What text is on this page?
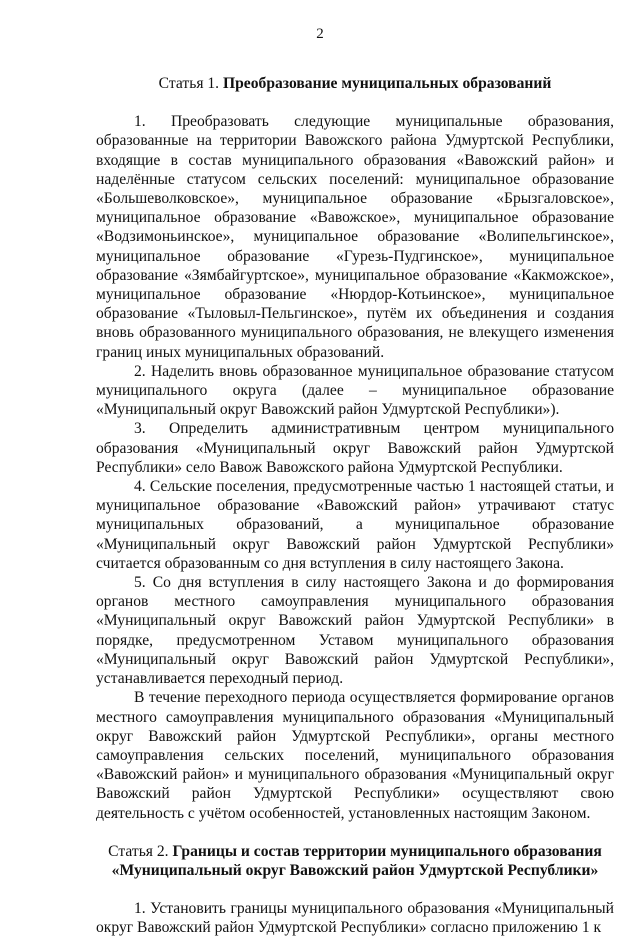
2

Статья 1. Преобразование муниципальных образований

1. Преобразовать следующие муниципальные образования, образованные на территории Вавожского района Удмуртской Республики, входящие в состав муниципального образования «Вавожский район» и наделённые статусом сельских поселений: муниципальное образование «Большеволковское», муниципальное образование «Брызгаловское», муниципальное образование «Вавожское», муниципальное образование «Водзимоньинское», муниципальное образование «Волипельгинское», муниципальное образование «Гурезь-Пудгинское», муниципальное образование «Зямбайгуртское», муниципальное образование «Какможское», муниципальное образование «Нюрдор-Котьинское», муниципальное образование «Тыловыл-Пельгинское», путём их объединения и создания вновь образованного муниципального образования, не влекущего изменения границ иных муниципальных образований.

2. Наделить вновь образованное муниципальное образование статусом муниципального округа (далее – муниципальное образование «Муниципальный округ Вавожский район Удмуртской Республики»).

3. Определить административным центром муниципального образования «Муниципальный округ Вавожский район Удмуртской Республики» село Вавож Вавожского района Удмуртской Республики.

4. Сельские поселения, предусмотренные частью 1 настоящей статьи, и муниципальное образование «Вавожский район» утрачивают статус муниципальных образований, а муниципальное образование «Муниципальный округ Вавожский район Удмуртской Республики» считается образованным со дня вступления в силу настоящего Закона.

5. Со дня вступления в силу настоящего Закона и до формирования органов местного самоуправления муниципального образования «Муниципальный округ Вавожский район Удмуртской Республики» в порядке, предусмотренном Уставом муниципального образования «Муниципальный округ Вавожский район Удмуртской Республики», устанавливается переходный период.

В течение переходного периода осуществляется формирование органов местного самоуправления муниципального образования «Муниципальный округ Вавожский район Удмуртской Республики», органы местного самоуправления сельских поселений, муниципального образования «Вавожский район» и муниципального образования «Муниципальный округ Вавожский район Удмуртской Республики» осуществляют свою деятельность с учётом особенностей, установленных настоящим Законом.

Статья 2. Границы и состав территории муниципального образования
«Муниципальный округ Вавожский район Удмуртской Республики»

1. Установить границы муниципального образования «Муниципальный округ Вавожский район Удмуртской Республики» согласно приложению 1 к
